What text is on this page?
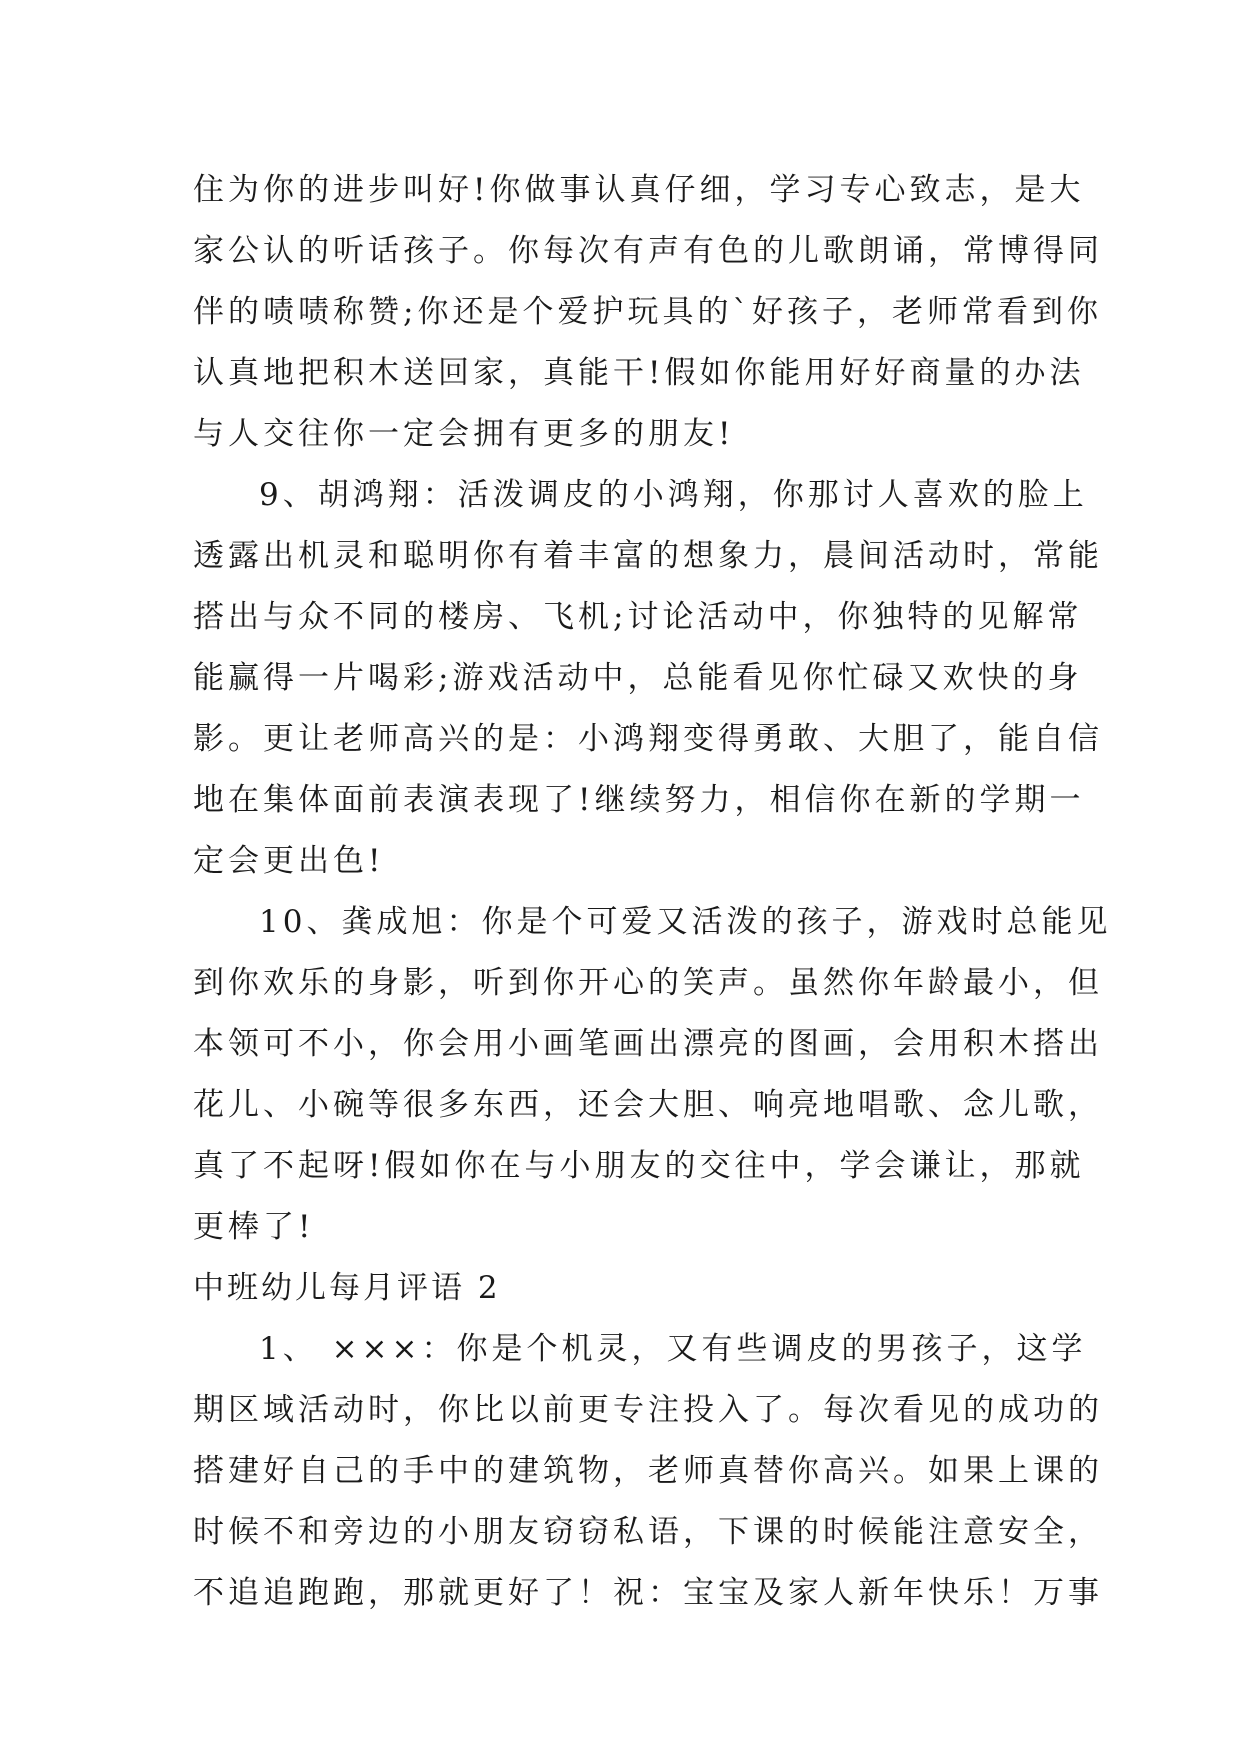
住为你的进步叫好!你做事认真仔细，学习专心致志，是大
家公认的听话孩子。你每次有声有色的儿歌朗诵，常博得同
伴的啧啧称赞;你还是个爱护玩具的`好孩子，老师常看到你
认真地把积木送回家，真能干!假如你能用好好商量的办法
与人交往你一定会拥有更多的朋友!
9、胡鸿翔：活泼调皮的小鸿翔，你那讨人喜欢的脸上
透露出机灵和聪明你有着丰富的想象力，晨间活动时，常能
搭出与众不同的楼房、飞机;讨论活动中，你独特的见解常
能赢得一片喝彩;游戏活动中，总能看见你忙碌又欢快的身
影。更让老师高兴的是：小鸿翔变得勇敢、大胆了，能自信
地在集体面前表演表现了!继续努力，相信你在新的学期一
定会更出色!
10、龚成旭：你是个可爱又活泼的孩子，游戏时总能见
到你欢乐的身影，听到你开心的笑声。虽然你年龄最小，但
本领可不小，你会用小画笔画出漂亮的图画，会用积木搭出
花儿、小碗等很多东西，还会大胆、响亮地唱歌、念儿歌，
真了不起呀!假如你在与小朋友的交往中，学会谦让，那就
更棒了!
中班幼儿每月评语 2
1、 ×××：你是个机灵，又有些调皮的男孩子，这学
期区域活动时，你比以前更专注投入了。每次看见的成功的
搭建好自己的手中的建筑物，老师真替你高兴。如果上课的
时候不和旁边的小朋友窃窃私语，下课的时候能注意安全，
不追追跑跑，那就更好了！祝：宝宝及家人新年快乐！万事
